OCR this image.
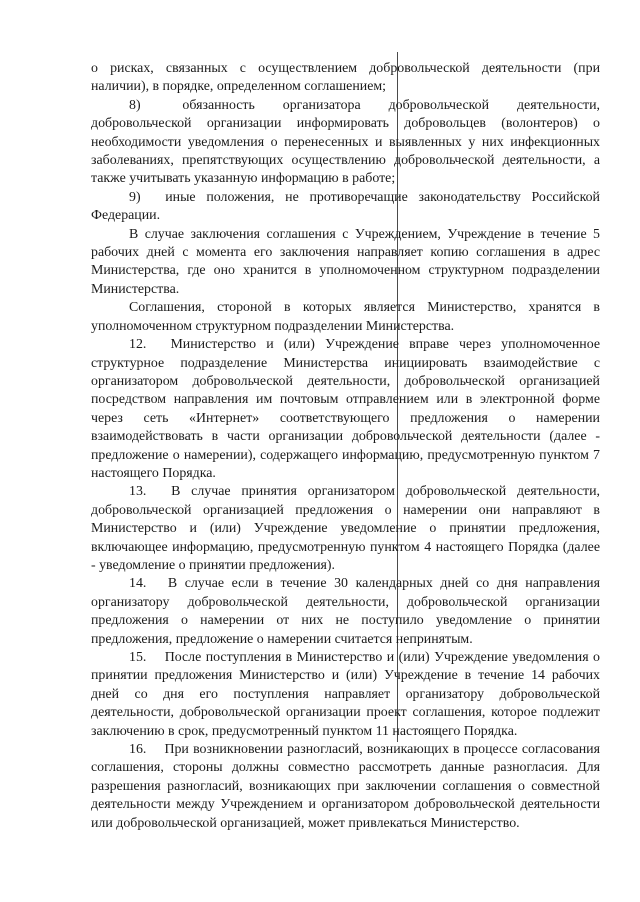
о рисках, связанных с осуществлением добровольческой деятельности (при наличии), в порядке, определенном соглашением;

8)  обязанность организатора добровольческой деятельности, добровольческой организации информировать добровольцев (волонтеров) о необходимости уведомления о перенесенных и выявленных у них инфекционных заболеваниях, препятствующих осуществлению добровольческой деятельности, а также учитывать указанную информацию в работе;

9)  иные положения, не противоречащие законодательству Российской Федерации.

В случае заключения соглашения с Учреждением, Учреждение в течение 5 рабочих дней с момента его заключения направляет копию соглашения в адрес Министерства, где оно хранится в уполномоченном структурном подразделении Министерства.

Соглашения, стороной в которых является Министерство, хранятся в уполномоченном структурном подразделении Министерства.

12.  Министерство и (или) Учреждение вправе через уполномоченное структурное подразделение Министерства инициировать взаимодействие с организатором добровольческой деятельности, добровольческой организацией посредством направления им почтовым отправлением или в электронной форме через сеть «Интернет» соответствующего предложения о намерении взаимодействовать в части организации добровольческой деятельности (далее - предложение о намерении), содержащего информацию, предусмотренную пунктом 7 настоящего Порядка.

13.  В случае принятия организатором добровольческой деятельности, добровольческой организацией предложения о намерении они направляют в Министерство и (или) Учреждение уведомление о принятии предложения, включающее информацию, предусмотренную пунктом 4 настоящего Порядка (далее - уведомление о принятии предложения).

14.  В случае если в течение 30 календарных дней со дня направления организатору добровольческой деятельности, добровольческой организации предложения о намерении от них не поступило уведомление о принятии предложения, предложение о намерении считается непринятым.

15.  После поступления в Министерство и (или) Учреждение уведомления о принятии предложения Министерство и (или) Учреждение в течение 14 рабочих дней со дня его поступления направляет организатору добровольческой деятельности, добровольческой организации проект соглашения, которое подлежит заключению в срок, предусмотренный пунктом 11 настоящего Порядка.

16.  При возникновении разногласий, возникающих в процессе согласования соглашения, стороны должны совместно рассмотреть данные разногласия. Для разрешения разногласий, возникающих при заключении соглашения о совместной деятельности между Учреждением и организатором добровольческой деятельности или добровольческой организацией, может привлекаться Министерство.
